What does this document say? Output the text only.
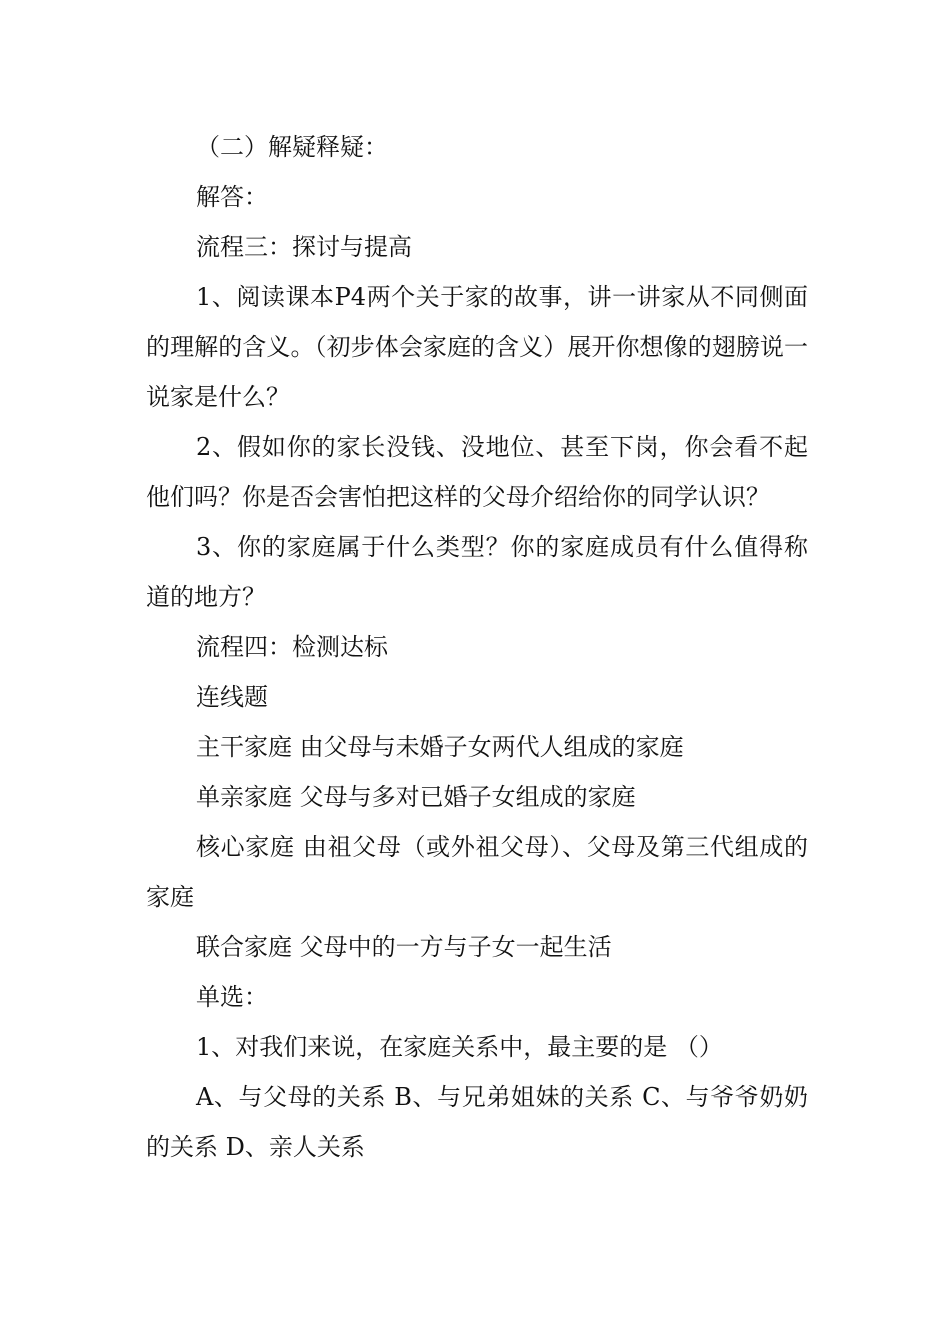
（二）解疑释疑：

解答：

流程三：探讨与提高

1、阅读课本P4两个关于家的故事，讲一讲家从不同侧面的理解的含义。（初步体会家庭的含义）展开你想像的翅膀说一说家是什么？

2、假如你的家长没钱、没地位、甚至下岗，你会看不起他们吗？你是否会害怕把这样的父母介绍给你的同学认识？

3、你的家庭属于什么类型？你的家庭成员有什么值得称道的地方？

流程四：检测达标

连线题

主干家庭 由父母与未婚子女两代人组成的家庭

单亲家庭 父母与多对已婚子女组成的家庭

核心家庭 由祖父母（或外祖父母）、父母及第三代组成的家庭

联合家庭 父母中的一方与子女一起生活

单选：

1、对我们来说，在家庭关系中，最主要的是 （）

A、与父母的关系 B、与兄弟姐妹的关系 C、与爷爷奶奶的关系 D、亲人关系
